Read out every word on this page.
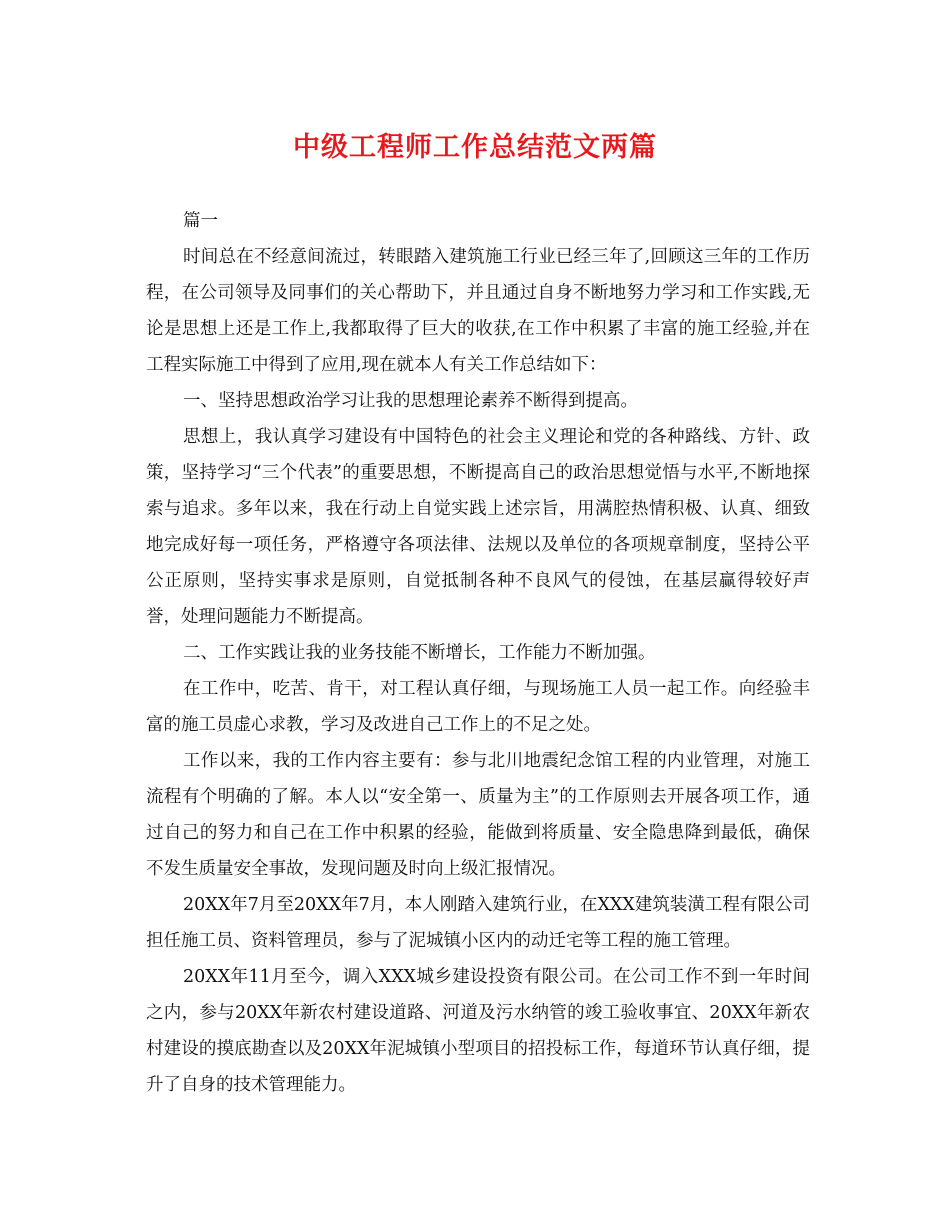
中级工程师工作总结范文两篇

篇一

时间总在不经意间流过，转眼踏入建筑施工行业已经三年了,回顾这三年的工作历程，在公司领导及同事们的关心帮助下，并且通过自身不断地努力学习和工作实践,无论是思想上还是工作上,我都取得了巨大的收获,在工作中积累了丰富的施工经验,并在工程实际施工中得到了应用,现在就本人有关工作总结如下：

一、坚持思想政治学习让我的思想理论素养不断得到提高。

思想上，我认真学习建设有中国特色的社会主义理论和党的各种路线、方针、政策，坚持学习“三个代表”的重要思想，不断提高自己的政治思想觉悟与水平,不断地探索与追求。多年以来，我在行动上自觉实践上述宗旨，用满腔热情积极、认真、细致地完成好每一项任务，严格遵守各项法律、法规以及单位的各项规章制度，坚持公平公正原则，坚持实事求是原则，自觉抵制各种不良风气的侵蚀，在基层赢得较好声誉，处理问题能力不断提高。

二、工作实践让我的业务技能不断增长，工作能力不断加强。

在工作中，吃苦、肯干，对工程认真仔细，与现场施工人员一起工作。向经验丰富的施工员虚心求教，学习及改进自己工作上的不足之处。

工作以来，我的工作内容主要有：参与北川地震纪念馆工程的内业管理，对施工流程有个明确的了解。本人以“安全第一、质量为主”的工作原则去开展各项工作，通过自己的努力和自己在工作中积累的经验，能做到将质量、安全隐患降到最低，确保不发生质量安全事故，发现问题及时向上级汇报情况。

20XX年7月至20XX年7月，本人刚踏入建筑行业，在XXX建筑装潢工程有限公司担任施工员、资料管理员，参与了泥城镇小区内的动迁宅等工程的施工管理。

20XX年11月至今，调入XXX城乡建设投资有限公司。在公司工作不到一年时间之内，参与20XX年新农村建设道路、河道及污水纳管的竣工验收事宜、20XX年新农村建设的摸底勘查以及20XX年泥城镇小型项目的招投标工作，每道环节认真仔细，提升了自身的技术管理能力。
